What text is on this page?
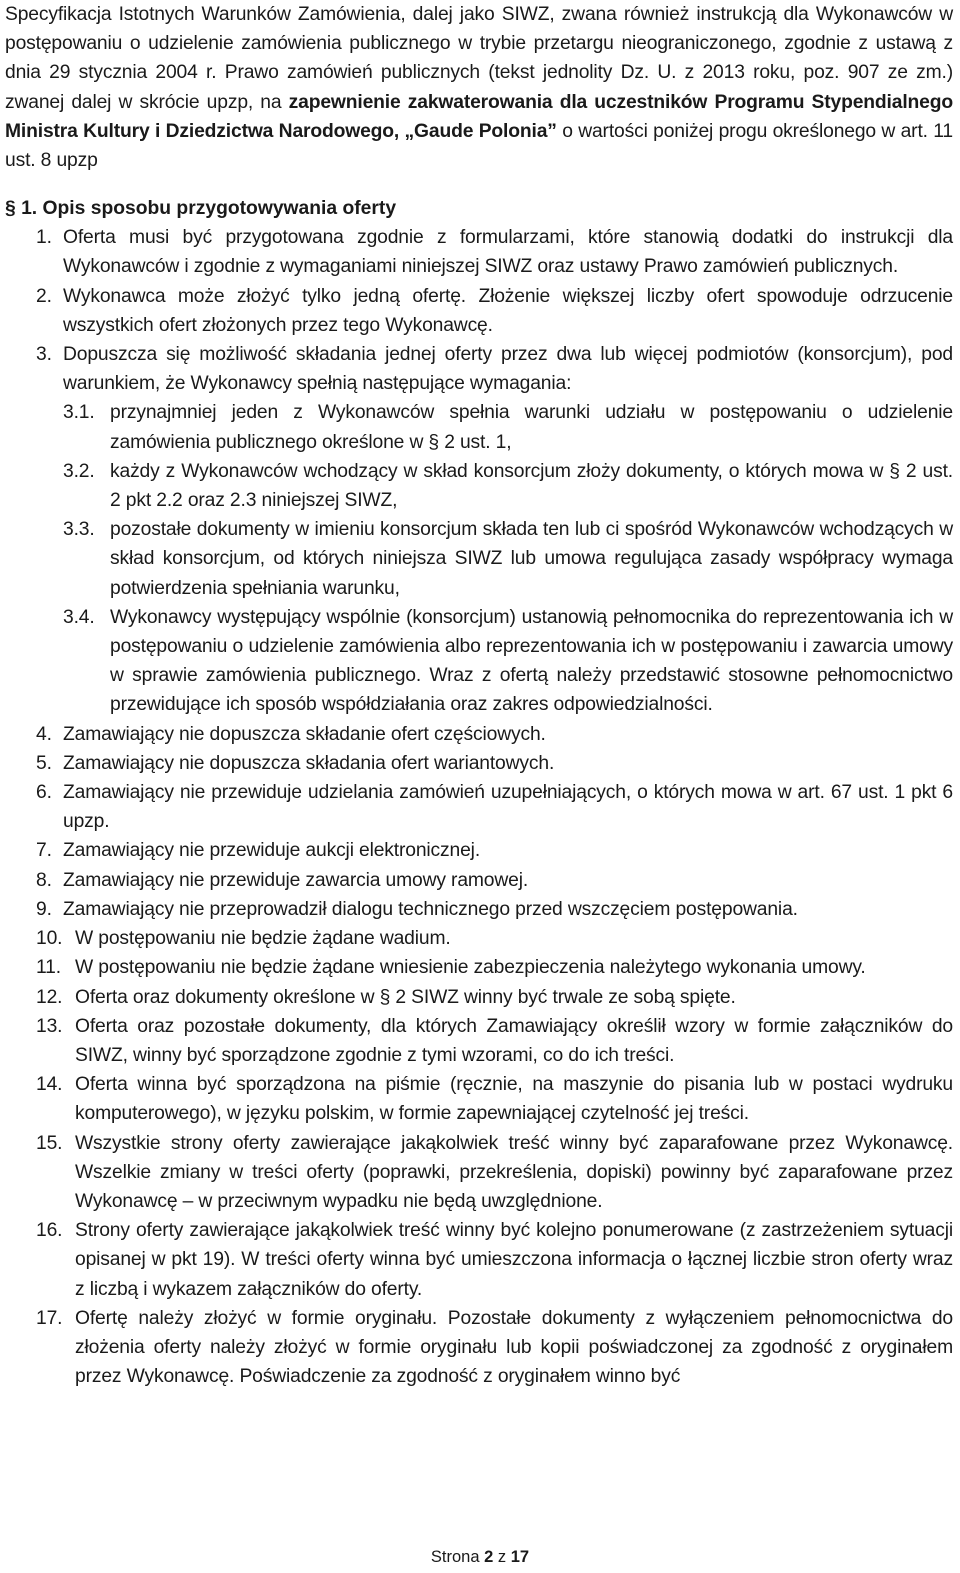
Specyfikacja Istotnych Warunków Zamówienia, dalej jako SIWZ, zwana również instrukcją dla Wykonawców w postępowaniu o udzielenie zamówienia publicznego w trybie przetargu nieograniczonego, zgodnie z ustawą z dnia 29 stycznia 2004 r. Prawo zamówień publicznych (tekst jednolity Dz. U. z 2013 roku, poz. 907 ze zm.) zwanej dalej w skrócie upzp, na zapewnienie zakwaterowania dla uczestników Programu Stypendialnego Ministra Kultury i Dziedzictwa Narodowego, „Gaude Polonia” o wartości poniżej progu określonego w art. 11 ust. 8 upzp

§ 1. Opis sposobu przygotowywania oferty
1. Oferta musi być przygotowana zgodnie z formularzami, które stanowią dodatki do instrukcji dla Wykonawców i zgodnie z wymaganiami niniejszej SIWZ oraz ustawy Prawo zamówień publicznych.
2. Wykonawca może złożyć tylko jedną ofertę. Złożenie większej liczby ofert spowoduje odrzucenie wszystkich ofert złożonych przez tego Wykonawcę.
3. Dopuszcza się możliwość składania jednej oferty przez dwa lub więcej podmiotów (konsorcjum), pod warunkiem, że Wykonawcy spełnią następujące wymagania:
3.1. przynajmniej jeden z Wykonawców spełnia warunki udziału w postępowaniu o udzielenie zamówienia publicznego określone w § 2 ust. 1,
3.2. każdy z Wykonawców wchodzący w skład konsorcjum złoży dokumenty, o których mowa w § 2 ust. 2 pkt 2.2 oraz 2.3 niniejszej SIWZ,
3.3. pozostałe dokumenty w imieniu konsorcjum składa ten lub ci spośród Wykonawców wchodzących w skład konsorcjum, od których niniejsza SIWZ lub umowa regulująca zasady współpracy wymaga potwierdzenia spełniania warunku,
3.4. Wykonawcy występujący wspólnie (konsorcjum) ustanowią pełnomocnika do reprezentowania ich w postępowaniu o udzielenie zamówienia albo reprezentowania ich w postępowaniu i zawarcia umowy w sprawie zamówienia publicznego. Wraz z ofertą należy przedstawić stosowne pełnomocnictwo przewidujące ich sposób współdziałania oraz zakres odpowiedzialności.
4. Zamawiający nie dopuszcza składanie ofert częściowych.
5. Zamawiający nie dopuszcza składania ofert wariantowych.
6. Zamawiający nie przewiduje udzielania zamówień uzupełniających, o których mowa w art. 67 ust. 1 pkt 6 upzp.
7. Zamawiający nie przewiduje aukcji elektronicznej.
8. Zamawiający nie przewiduje zawarcia umowy ramowej.
9. Zamawiający nie przeprowadził dialogu technicznego przed wszczęciem postępowania.
10. W postępowaniu nie będzie żądane wadium.
11. W postępowaniu nie będzie żądane wniesienie zabezpieczenia należytego wykonania umowy.
12. Oferta oraz dokumenty określone w § 2 SIWZ winny być trwale ze sobą spięte.
13. Oferta oraz pozostałe dokumenty, dla których Zamawiający określił wzory w formie załączników do SIWZ, winny być sporządzone zgodnie z tymi wzorami, co do ich treści.
14. Oferta winna być sporządzona na piśmie (ręcznie, na maszynie do pisania lub w postaci wydruku komputerowego), w języku polskim, w formie zapewniającej czytelność jej treści.
15. Wszystkie strony oferty zawierające jakąkolwiek treść winny być zaparafowane przez Wykonawcę. Wszelkie zmiany w treści oferty (poprawki, przekreślenia, dopiski) powinny być zaparafowane przez Wykonawcę – w przeciwnym wypadku nie będą uwzględnione.
16. Strony oferty zawierające jakąkolwiek treść winny być kolejno ponumerowane (z zastrzeżeniem sytuacji opisanej w pkt 19). W treści oferty winna być umieszczona informacja o łącznej liczbie stron oferty wraz z liczbą i wykazem załączników do oferty.
17. Ofertę należy złożyć w formie oryginału. Pozostałe dokumenty z wyłączeniem pełnomocnictwa do złożenia oferty należy złożyć w formie oryginału lub kopii poświadczonej za zgodność z oryginałem przez Wykonawcę. Poświadczenie za zgodność z oryginałem winno być
Strona 2 z 17
